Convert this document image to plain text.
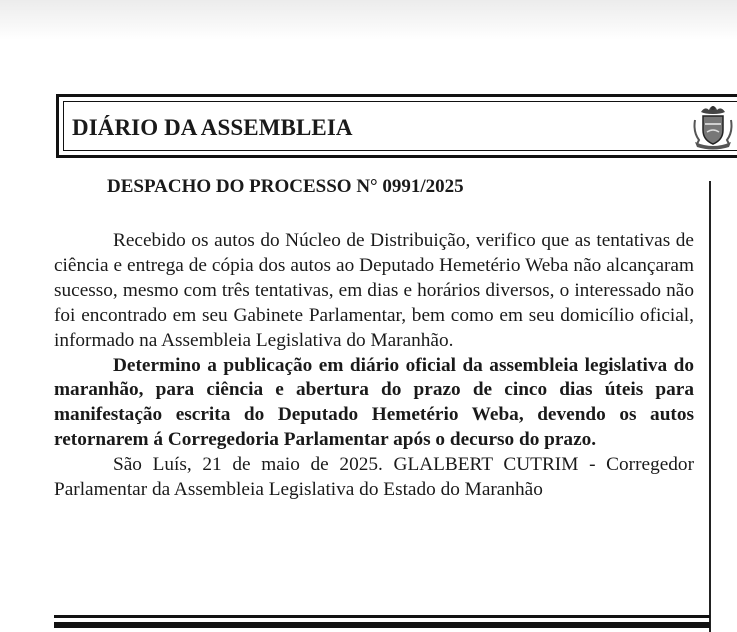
DIÁRIO DA ASSEMBLEIA
DESPACHO DO PROCESSO N° 0991/2025

Recebido os autos do Núcleo de Distribuição, verifico que as tentativas de ciência e entrega de cópia dos autos ao Deputado Hemetério Weba não alcançaram sucesso, mesmo com três tentativas, em dias e horários diversos, o interessado não foi encontrado em seu Gabinete Parlamentar, bem como em seu domicílio oficial, informado na Assembleia Legislativa do Maranhão.

Determino a publicação em diário oficial da assembleia legislativa do maranhão, para ciência e abertura do prazo de cinco dias úteis para manifestação escrita do Deputado Hemetério Weba, devendo os autos retornarem á Corregedoria Parlamentar após o decurso do prazo.

São Luís, 21 de maio de 2025. GLALBERT CUTRIM - Corregedor Parlamentar da Assembleia Legislativa do Estado do Maranhão
